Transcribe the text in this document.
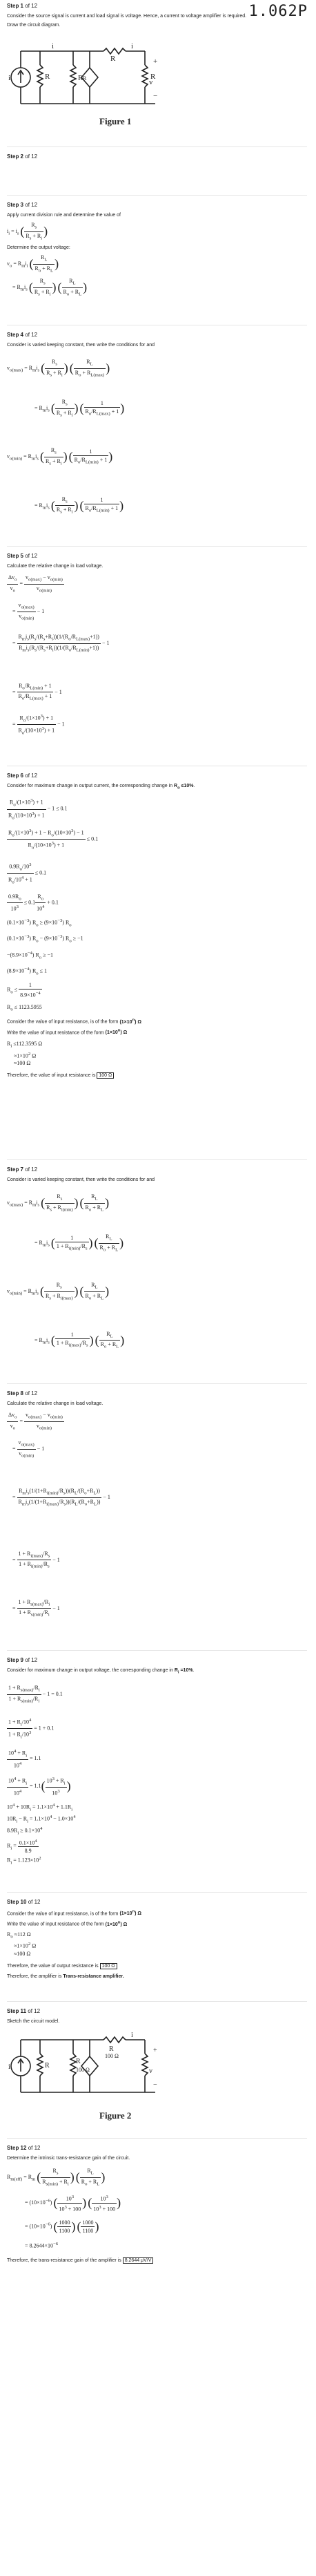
1.062P
Step 1 of 12
Consider the source signal is current and load signal is voltage. Hence, a current to voltage amplifier is required.
Draw the circuit diagram.
i	R	R
R
R	R
+
−
v
i
i
Figure 1
Step 2 of 12
Step 3 of 12
Apply current division rule and determine the value of
$i_i = i_s$ ( $\frac{R_s}{R_s + R_i}$ )
Determine the output voltage:
$v_o = R_mi_i$ ( $\frac{R_L}{R_o + R_L}$ )
= $R_mi_s$ ( $\frac{R_s}{R_s + R_i}$ ) ( $\frac{R_L}{R_o + R_L}$ )
Step 4 of 12
Consider is varied keeping constant, then write the conditions for and
$v_{o(max)} = R_mi_s$ ( $\frac{R_s}{R_s + R_i}$ ) ( $\frac{R_L}{R_o + R_{L(max)}}$ )
= $R_mi_s$ ( $\frac{R_s}{R_s + R_i}$ ) ( $\frac{1}{R_o/R_{L(max)} + 1}$ )
$v_{o(min)} = R_mi_s$ ( $\frac{R_s}{R_s + R_i}$ ) ( $\frac{1}{R_o/R_{L(min)} + 1}$ )
= $R_mi_s$ ( $\frac{R_s}{R_s + R_i}$ ) ( $\frac{1}{R_o/R_{L(min)} + 1}$ )
Step 5 of 12
Calculate the relative change in load voltage.
$\frac{\Delta v_o}{v_o} = \frac{v_{o(max)} - v_{o(min)}}{v_{o(min)}}$
= $\frac{v_{o(max)}}{v_{o(min)}} - 1$
= $\frac{R_mi_s(R_s/(R_s+R_i))(1/(R_o/R_{L(max)}+1))}{R_mi_s(R_s/(R_s+R_i))(1/(R_o/R_{L(min)}+1))} - 1$
= $\frac{R_o/R_{L(min)} + 1}{R_o/R_{L(max)} + 1} - 1$
= $\frac{R_o/(1\times 10^3) + 1}{R_o/(10\times 10^3) + 1} - 1$
Step 6 of 12
Consider for maximum change in output current, the corresponding change in $R_o \le 10\%$.
$\frac{R_o/(1\times 10^3) + 1}{R_o/(10\times 10^3) + 1} - 1 \le 0.1$
$\frac{R_o/(1\times 10^3) + 1 - R_o/(10\times 10^3) - 1}{R_o/(10\times 10^3) + 1} \le 0.1$
$\frac{0.9R_o/10^3}{R_o/10^4 + 1} \le 0.1$
$\frac{0.9R_o}{10^3} \le 0.1 \frac{R_o}{10^4} + 0.1$
$(0.1\times 10^{-3}) R_o \ge (9\times 10^{-3})$ $R_o$
$(0.1\times 10^{-3}) R_o - (9\times 10^{-3}) R_o \ge -1$
$-(8.9\times 10^{-4}) R_o \ge -1$
$(8.9\times 10^{-4}) R_o \le 1$
$R_o \le \frac{1}{8.9\times 10^{-4}}$
$R_o \le 1123.5955$
Consider the value of input resistance, is of the form $(1\times 10^n)$ Ω
Write the value of input resistance of the form $(1\times 10^n)$ Ω
$R_i \le 112.3595$ Ω
$\approx 1\times 10^2$ Ω
≈100 Ω
Therefore, the value of input resistance is 100 Ω
Step 7 of 12
Consider is varied keeping constant, then write the conditions for and
$v_{o(max)} = R_mi_s$ ( $\frac{R_s}{R_s + R_{i(min)}}$ ) ( $\frac{R_L}{R_o + R_L}$ )
= $R_mi_s$ ( $\frac{1}{1 + R_{i(min)}/R_s}$ ) ( $\frac{R_L}{R_o + R_L}$ )
$v_{o(min)} = R_mi_s$ ( $\frac{R_s}{R_s + R_{i(max)}}$ ) ( $\frac{R_L}{R_o + R_L}$ )
= $R_mi_s$ ( $\frac{1}{1 + R_{i(max)}/R_s}$ ) ( $\frac{R_L}{R_o + R_L}$ )
Step 8 of 12
Calculate the relative change in load voltage.
$\frac{\Delta v_o}{v_o} = \frac{v_{o(max)} - v_{o(min)}}{v_{o(min)}}$
= $\frac{v_{o(max)}}{v_{o(min)}} - 1$
= $\frac{R_mi_s(1/(1+R_{i(min)}/R_s))(R_L/(R_o+R_L))}{R_mi_s(1/(1+R_{i(max)}/R_s))(R_L/(R_o+R_L))} - 1$
= $\frac{1 + R_{i(max)}/R_s}{1 + R_{i(min)}/R_s} - 1$
= $\frac{1 + R_{s(max)}/R_i}{1 + R_{s(min)}/R_i} - 1$
Step 9 of 12
Consider for maximum change in output voltage, the corresponding change in $R_i =10\%$.
$\frac{1 + R_{s(max)}/R_i}{1 + R_{s(min)}/R_i} - 1 = 0.1$
$\frac{1 + R_i/10^4}{1 + R_i/10^3} = 1 + 0.1$
$\frac{10^4 + R_i}{10^4} = 1.1$
$\frac{10^4 + R_i}{10^4} = 1.1( \frac{10^3 + R_i}{10^3}$ )
$10^4 + 10R_i = 1.1\times 10^4 + 1.1R_i$
$10R_i - R_i = 1.1\times 10^4 - 1.0\times 10^4$
$8.9R_i \ge 0.1\times 10^4$
$R_i = \frac{0.1\times 10^4}{8.9}$
$R_i = 1.123\times 10^2$
Step 10 of 12
Consider the value of input resistance, is of the form $(1\times 10^n)$ Ω
Write the value of input resistance of the form $(1\times 10^n)$ Ω
$R_o \approx 112$ Ω
$\approx 1\times 10^2$ Ω
≈100 Ω
Therefore, the value of output resistance is 100 Ω
Therefore, the amplifier is Trans-resistance amplifier.
Step 11 of 12
Sketch the circuit model.
i	R
R
100 Ω
R
100 Ω
+
−
v
i
Figure 2
Step 12 of 12
Determine the intrinsic trans-resistance gain of the circuit.
$R_{m(eff)} = R_m$ ( $\frac{R_s}{R_{s(min)} + R_i}$ ) ( $\frac{R_L}{R_o + R_L}$ )
= $(10\times 10^{-6})$ ( $\frac{10^3}{10^3 + 100}$ ) ( $\frac{10^3}{10^3 + 100}$ )
= $(10\times 10^{-6})$ ( $\frac{1000}{1100}$ ) ( $\frac{1000}{1100}$ )
= $8.2644\times 10^{-6}$
Therefore, the trans-resistance gain of the amplifier is 8.2644 μV/V
